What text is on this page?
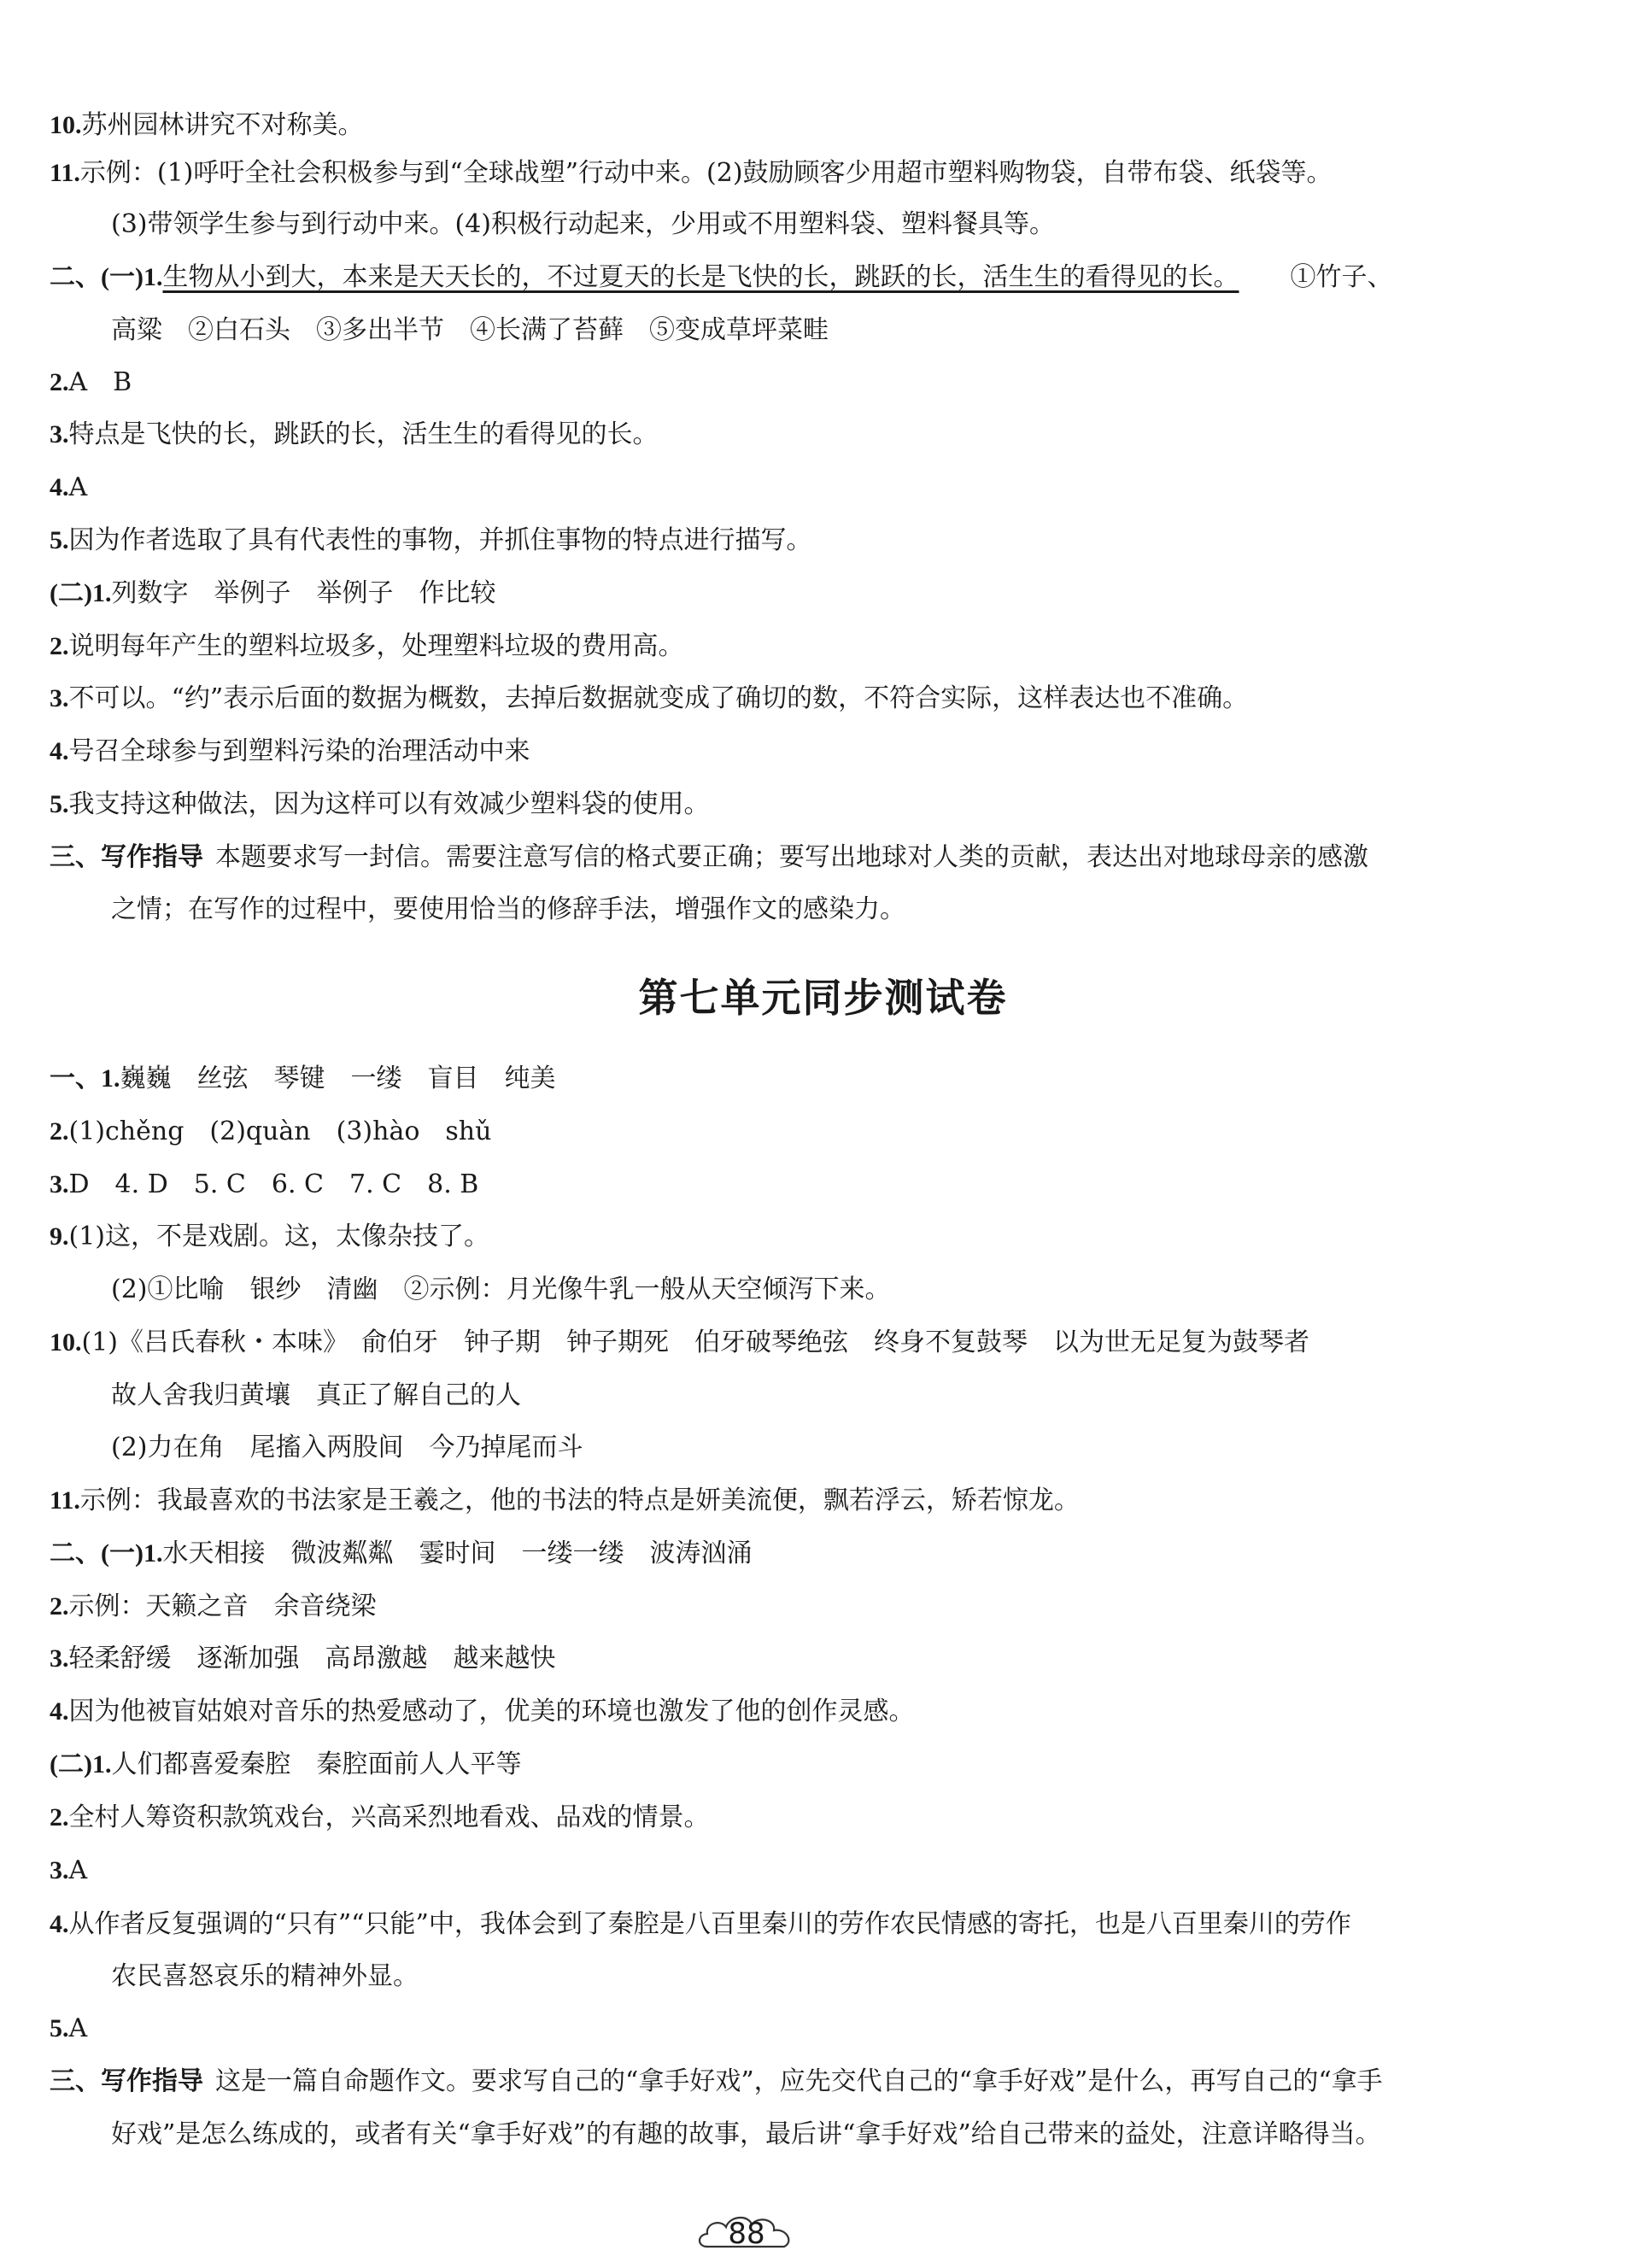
10.苏州园林讲究不对称美。
11.示例：(1)呼吁全社会积极参与到“全球战塑”行动中来。(2)鼓励顾客少用超市塑料购物袋，自带布袋、纸袋等。
(3)带领学生参与到行动中来。(4)积极行动起来，少用或不用塑料袋、塑料餐具等。
二、(一)1.生物从小到大，本来是天天长的，不过夏天的长是飞快的长，跳跃的长，活生生的看得见的长。 ①竹子、
高粱　②白石头　③多出半节　④长满了苔藓　⑤变成草坪菜畦
2.A　B
3.特点是飞快的长，跳跃的长，活生生的看得见的长。
4.A
5.因为作者选取了具有代表性的事物，并抓住事物的特点进行描写。
(二)1.列数字　举例子　举例子　作比较
2.说明每年产生的塑料垃圾多，处理塑料垃圾的费用高。
3.不可以。“约”表示后面的数据为概数，去掉后数据就变成了确切的数，不符合实际，这样表达也不准确。
4.号召全球参与到塑料污染的治理活动中来
5.我支持这种做法，因为这样可以有效减少塑料袋的使用。
三、写作指导 本题要求写一封信。需要注意写信的格式要正确；要写出地球对人类的贡献，表达出对地球母亲的感激
之情；在写作的过程中，要使用恰当的修辞手法，增强作文的感染力。
第七单元同步测试卷
一、1.巍巍　丝弦　琴键　一缕　盲目　纯美
2.(1)chěng　(2)quàn　(3)hào　shǔ
3.D　4. D　5. C　6. C　7. C　8. B
9.(1)这，不是戏剧。这，太像杂技了。
(2)①比喻　银纱　清幽　②示例：月光像牛乳一般从天空倾泻下来。
10.(1)《吕氏春秋・本味》　俞伯牙　钟子期　钟子期死　伯牙破琴绝弦　终身不复鼓琴　以为世无足复为鼓琴者
故人舍我归黄壤　真正了解自己的人
(2)力在角　尾搐入两股间　今乃掉尾而斗
11.示例：我最喜欢的书法家是王羲之，他的书法的特点是妍美流便，飘若浮云，矫若惊龙。
二、(一)1.水天相接　微波粼粼　霎时间　一缕一缕　波涛汹涌
2.示例：天籁之音　余音绕梁
3.轻柔舒缓　逐渐加强　高昂激越　越来越快
4.因为他被盲姑娘对音乐的热爱感动了，优美的环境也激发了他的创作灵感。
(二)1.人们都喜爱秦腔　秦腔面前人人平等
2.全村人筹资积款筑戏台，兴高采烈地看戏、品戏的情景。
3.A
4.从作者反复强调的“只有”“只能”中，我体会到了秦腔是八百里秦川的劳作农民情感的寄托，也是八百里秦川的劳作
农民喜怒哀乐的精神外显。
5.A
三、写作指导 这是一篇自命题作文。要求写自己的“拿手好戏”，应先交代自己的“拿手好戏”是什么，再写自己的“拿手
好戏”是怎么练成的，或者有关“拿手好戏”的有趣的故事，最后讲“拿手好戏”给自己带来的益处，注意详略得当。
88
